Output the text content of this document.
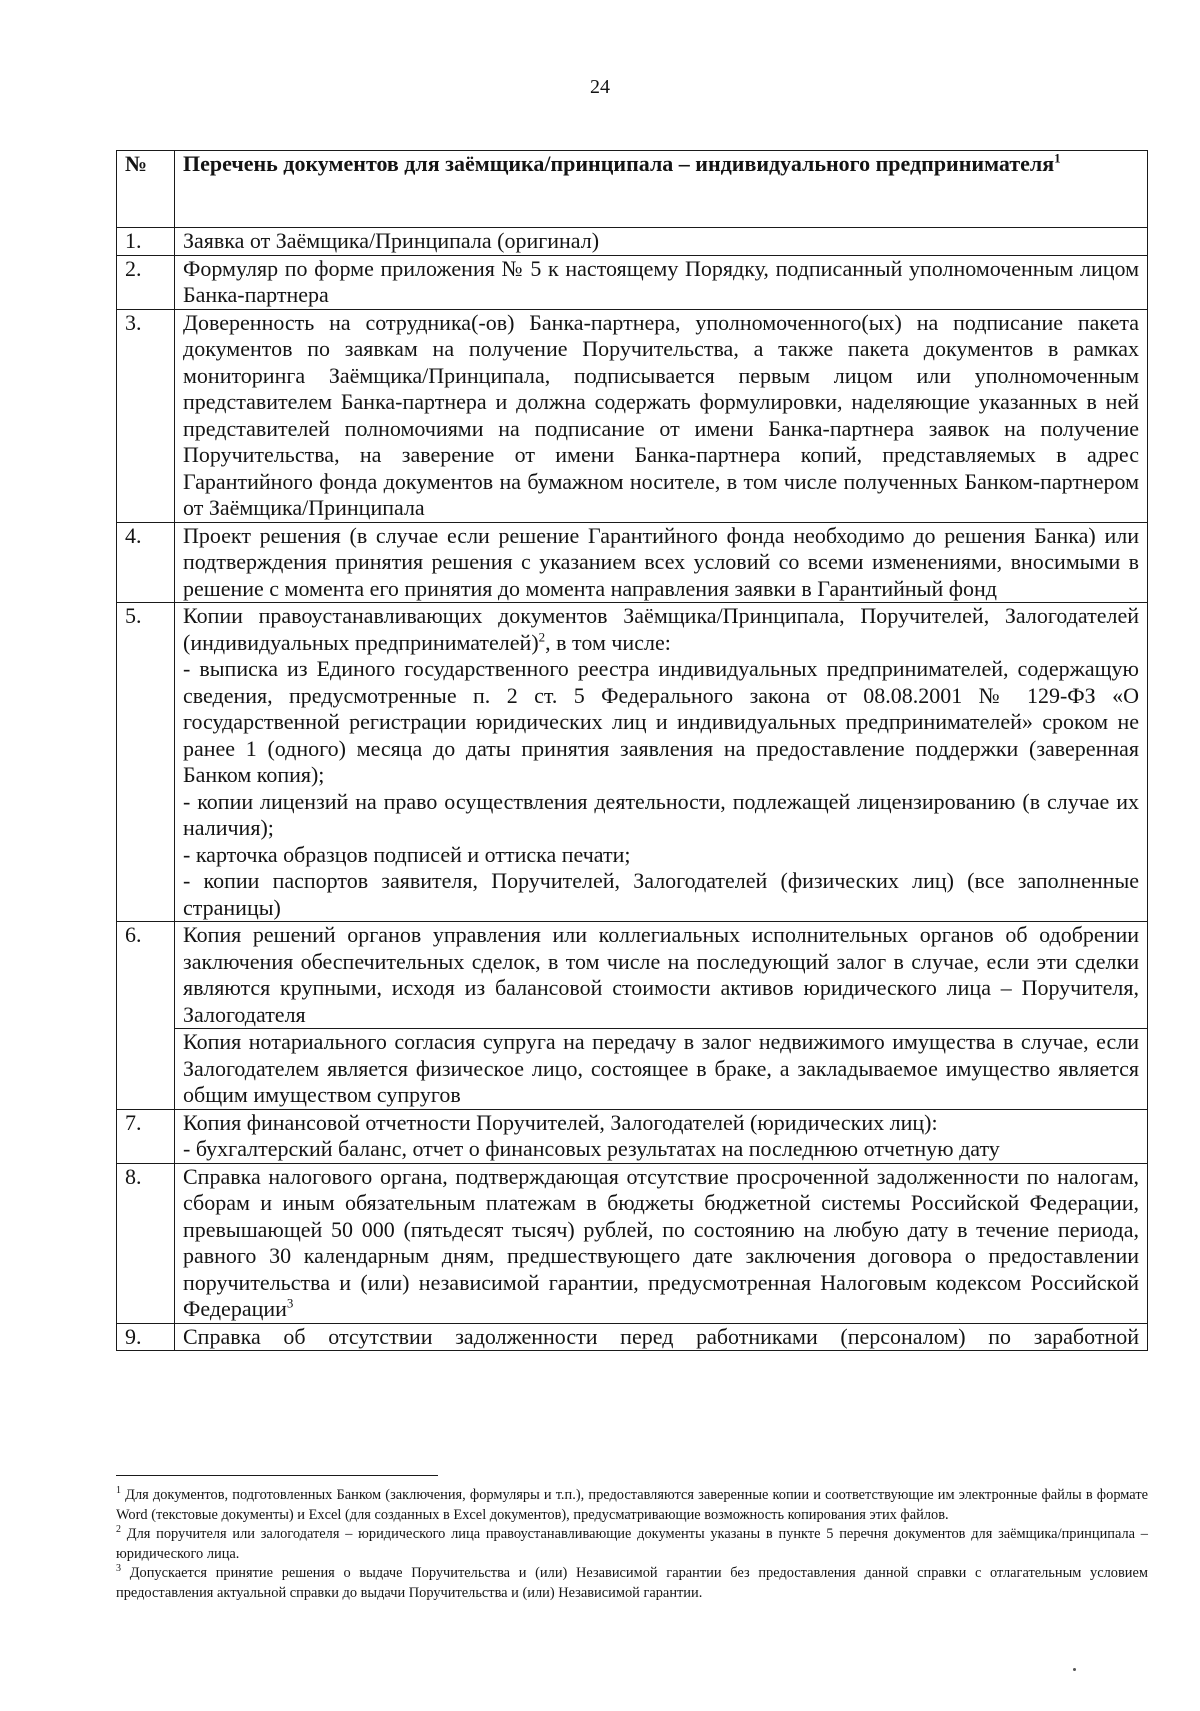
24
№	Перечень документов для заёмщика/принципала – индивидуального предпринимателя$^1$
1.	Заявка от Заёмщика/Принципала (оригинал)
2.	Формуляр по форме приложения № 5 к настоящему Порядку, подписанный уполномоченным лицом Банка-партнера
3.	Доверенность на сотрудника(-ов) Банка-партнера, уполномоченного(ых) на подписание пакета документов по заявкам на получение Поручительства, а также пакета документов в рамках мониторинга Заёмщика/Принципала, подписывается первым лицом или уполномоченным представителем Банка-партнера и должна содержать формулировки, наделяющие указанных в ней представителей полномочиями на подписание от имени Банка-партнера заявок на получение Поручительства, на заверение от имени Банка-партнера копий, представляемых в адрес Гарантийного фонда документов на бумажном носителе, в том числе полученных Банком-партнером от Заёмщика/Принципала
4.	Проект решения (в случае если решение Гарантийного фонда необходимо до решения Банка) или подтверждения принятия решения с указанием всех условий со всеми изменениями, вносимыми в решение с момента его принятия до момента направления заявки в Гарантийный фонд
5.	Копии правоустанавливающих документов Заёмщика/Принципала, Поручителей, Залогодателей (индивидуальных предпринимателей)$^2$, в том числе:
- выписка из Единого государственного реестра индивидуальных предпринимателей, содержащую сведения, предусмотренные п. 2 ст. 5 Федерального закона от 08.08.2001 № 129-ФЗ «О государственной регистрации юридических лиц и индивидуальных предпринимателей» сроком не ранее 1 (одного) месяца до даты принятия заявления на предоставление поддержки (заверенная Банком копия);
- копии лицензий на право осуществления деятельности, подлежащей лицензированию (в случае их наличия);
- карточка образцов подписей и оттиска печати;
- копии паспортов заявителя, Поручителей, Залогодателей (физических лиц) (все заполненные страницы)

6.	Копия решений органов управления или коллегиальных исполнительных органов об одобрении заключения обеспечительных сделок, в том числе на последующий залог в случае, если эти сделки являются крупными, исходя из балансовой стоимости активов юридического лица – Поручителя, Залогодателя
	Копия нотариального согласия супруга на передачу в залог недвижимого имущества в случае, если Залогодателем является физическое лицо, состоящее в браке, а закладываемое имущество является общим имуществом супругов
7.	Копия финансовой отчетности Поручителей, Залогодателей (юридических лиц):
- бухгалтерский баланс, отчет о финансовых результатах на последнюю отчетную дату

8.	Справка налогового органа, подтверждающая отсутствие просроченной задолженности по налогам, сборам и иным обязательным платежам в бюджеты бюджетной системы Российской Федерации, превышающей 50 000 (пятьдесят тысяч) рублей, по состоянию на любую дату в течение периода, равного 30 календарным дням, предшествующего дате заключения договора о предоставлении поручительства и (или) независимой гарантии, предусмотренная Налоговым кодексом Российской Федерации$^3$
9.	Справка об отсутствии задолженности перед работниками (персоналом) по заработной

$^1$ Для документов, подготовленных Банком (заключения, формуляры и т.п.), предоставляются заверенные копии и соответствующие им электронные файлы в формате Word (текстовые документы) и Excel (для созданных в Excel документов), предусматривающие возможность копирования этих файлов.

$^2$ Для поручителя или залогодателя – юридического лица правоустанавливающие документы указаны в пункте 5 перечня документов для заёмщика/принципала – юридического лица.

$^3$ Допускается принятие решения о выдаче Поручительства и (или) Независимой гарантии без предоставления данной справки с отлагательным условием предоставления актуальной справки до выдачи Поручительства и (или) Независимой гарантии.
